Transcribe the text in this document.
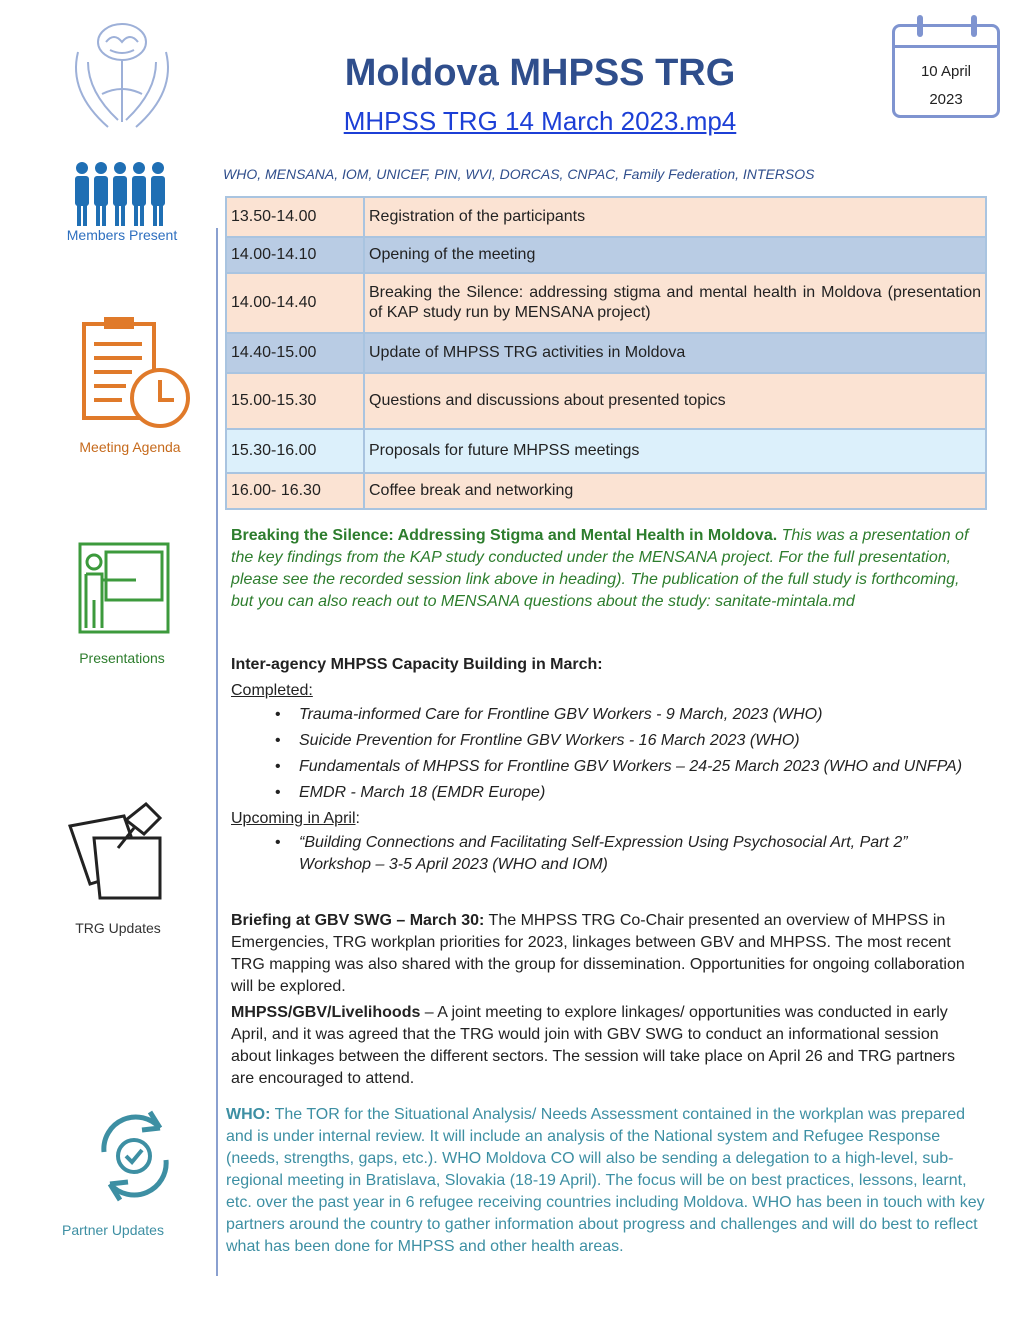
Moldova MHPSS TRG
MHPSS TRG 14 March 2023.mp4
10 April
2023
Members Present
Meeting Agenda
Presentations
TRG Updates
Partner Updates
WHO, MENSANA, IOM, UNICEF, PIN, WVI, DORCAS, CNPAC, Family Federation, INTERSOS
13.50-14.00	Registration of the participants
14.00-14.10	Opening of the meeting
14.00-14.40	Breaking the Silence: addressing stigma and mental health in Moldova (presentation of KAP study run by MENSANA project)
14.40-15.00	Update of MHPSS TRG activities in Moldova
15.00-15.30	Questions and discussions about presented topics
15.30-16.00	Proposals for future MHPSS meetings
16.00- 16.30	Coffee break and networking
Breaking the Silence: Addressing Stigma and Mental Health in Moldova. This was a presentation of the key findings from the KAP study conducted under the MENSANA project. For the full presentation, please see the recorded session link above in heading). The publication of the full study is forthcoming, but you can also reach out to MENSANA questions about the study: sanitate-mintala.md
Inter-agency MHPSS Capacity Building in March:
Completed:
• Trauma-informed Care for Frontline GBV Workers - 9 March, 2023 (WHO)
• Suicide Prevention for Frontline GBV Workers - 16 March 2023 (WHO)
• Fundamentals of MHPSS for Frontline GBV Workers – 24-25 March 2023 (WHO and UNFPA)
• EMDR - March 18 (EMDR Europe)
Upcoming in April:
• “Building Connections and Facilitating Self-Expression Using Psychosocial Art, Part 2” Workshop – 3-5 April 2023 (WHO and IOM)
Briefing at GBV SWG – March 30: The MHPSS TRG Co-Chair presented an overview of MHPSS in Emergencies, TRG workplan priorities for 2023, linkages between GBV and MHPSS. The most recent TRG mapping was also shared with the group for dissemination. Opportunities for ongoing collaboration will be explored.
MHPSS/GBV/Livelihoods – A joint meeting to explore linkages/ opportunities was conducted in early April, and it was agreed that the TRG would join with GBV SWG to conduct an informational session about linkages between the different sectors. The session will take place on April 26 and TRG partners are encouraged to attend.
WHO: The TOR for the Situational Analysis/ Needs Assessment contained in the workplan was prepared and is under internal review. It will include an analysis of the National system and Refugee Response (needs, strengths, gaps, etc.). WHO Moldova CO will also be sending a delegation to a high-level, sub-regional meeting in Bratislava, Slovakia (18-19 April). The focus will be on best practices, lessons, learnt, etc. over the past year in 6 refugee receiving countries including Moldova. WHO has been in touch with key partners around the country to gather information about progress and challenges and will do best to reflect what has been done for MHPSS and other health areas.
